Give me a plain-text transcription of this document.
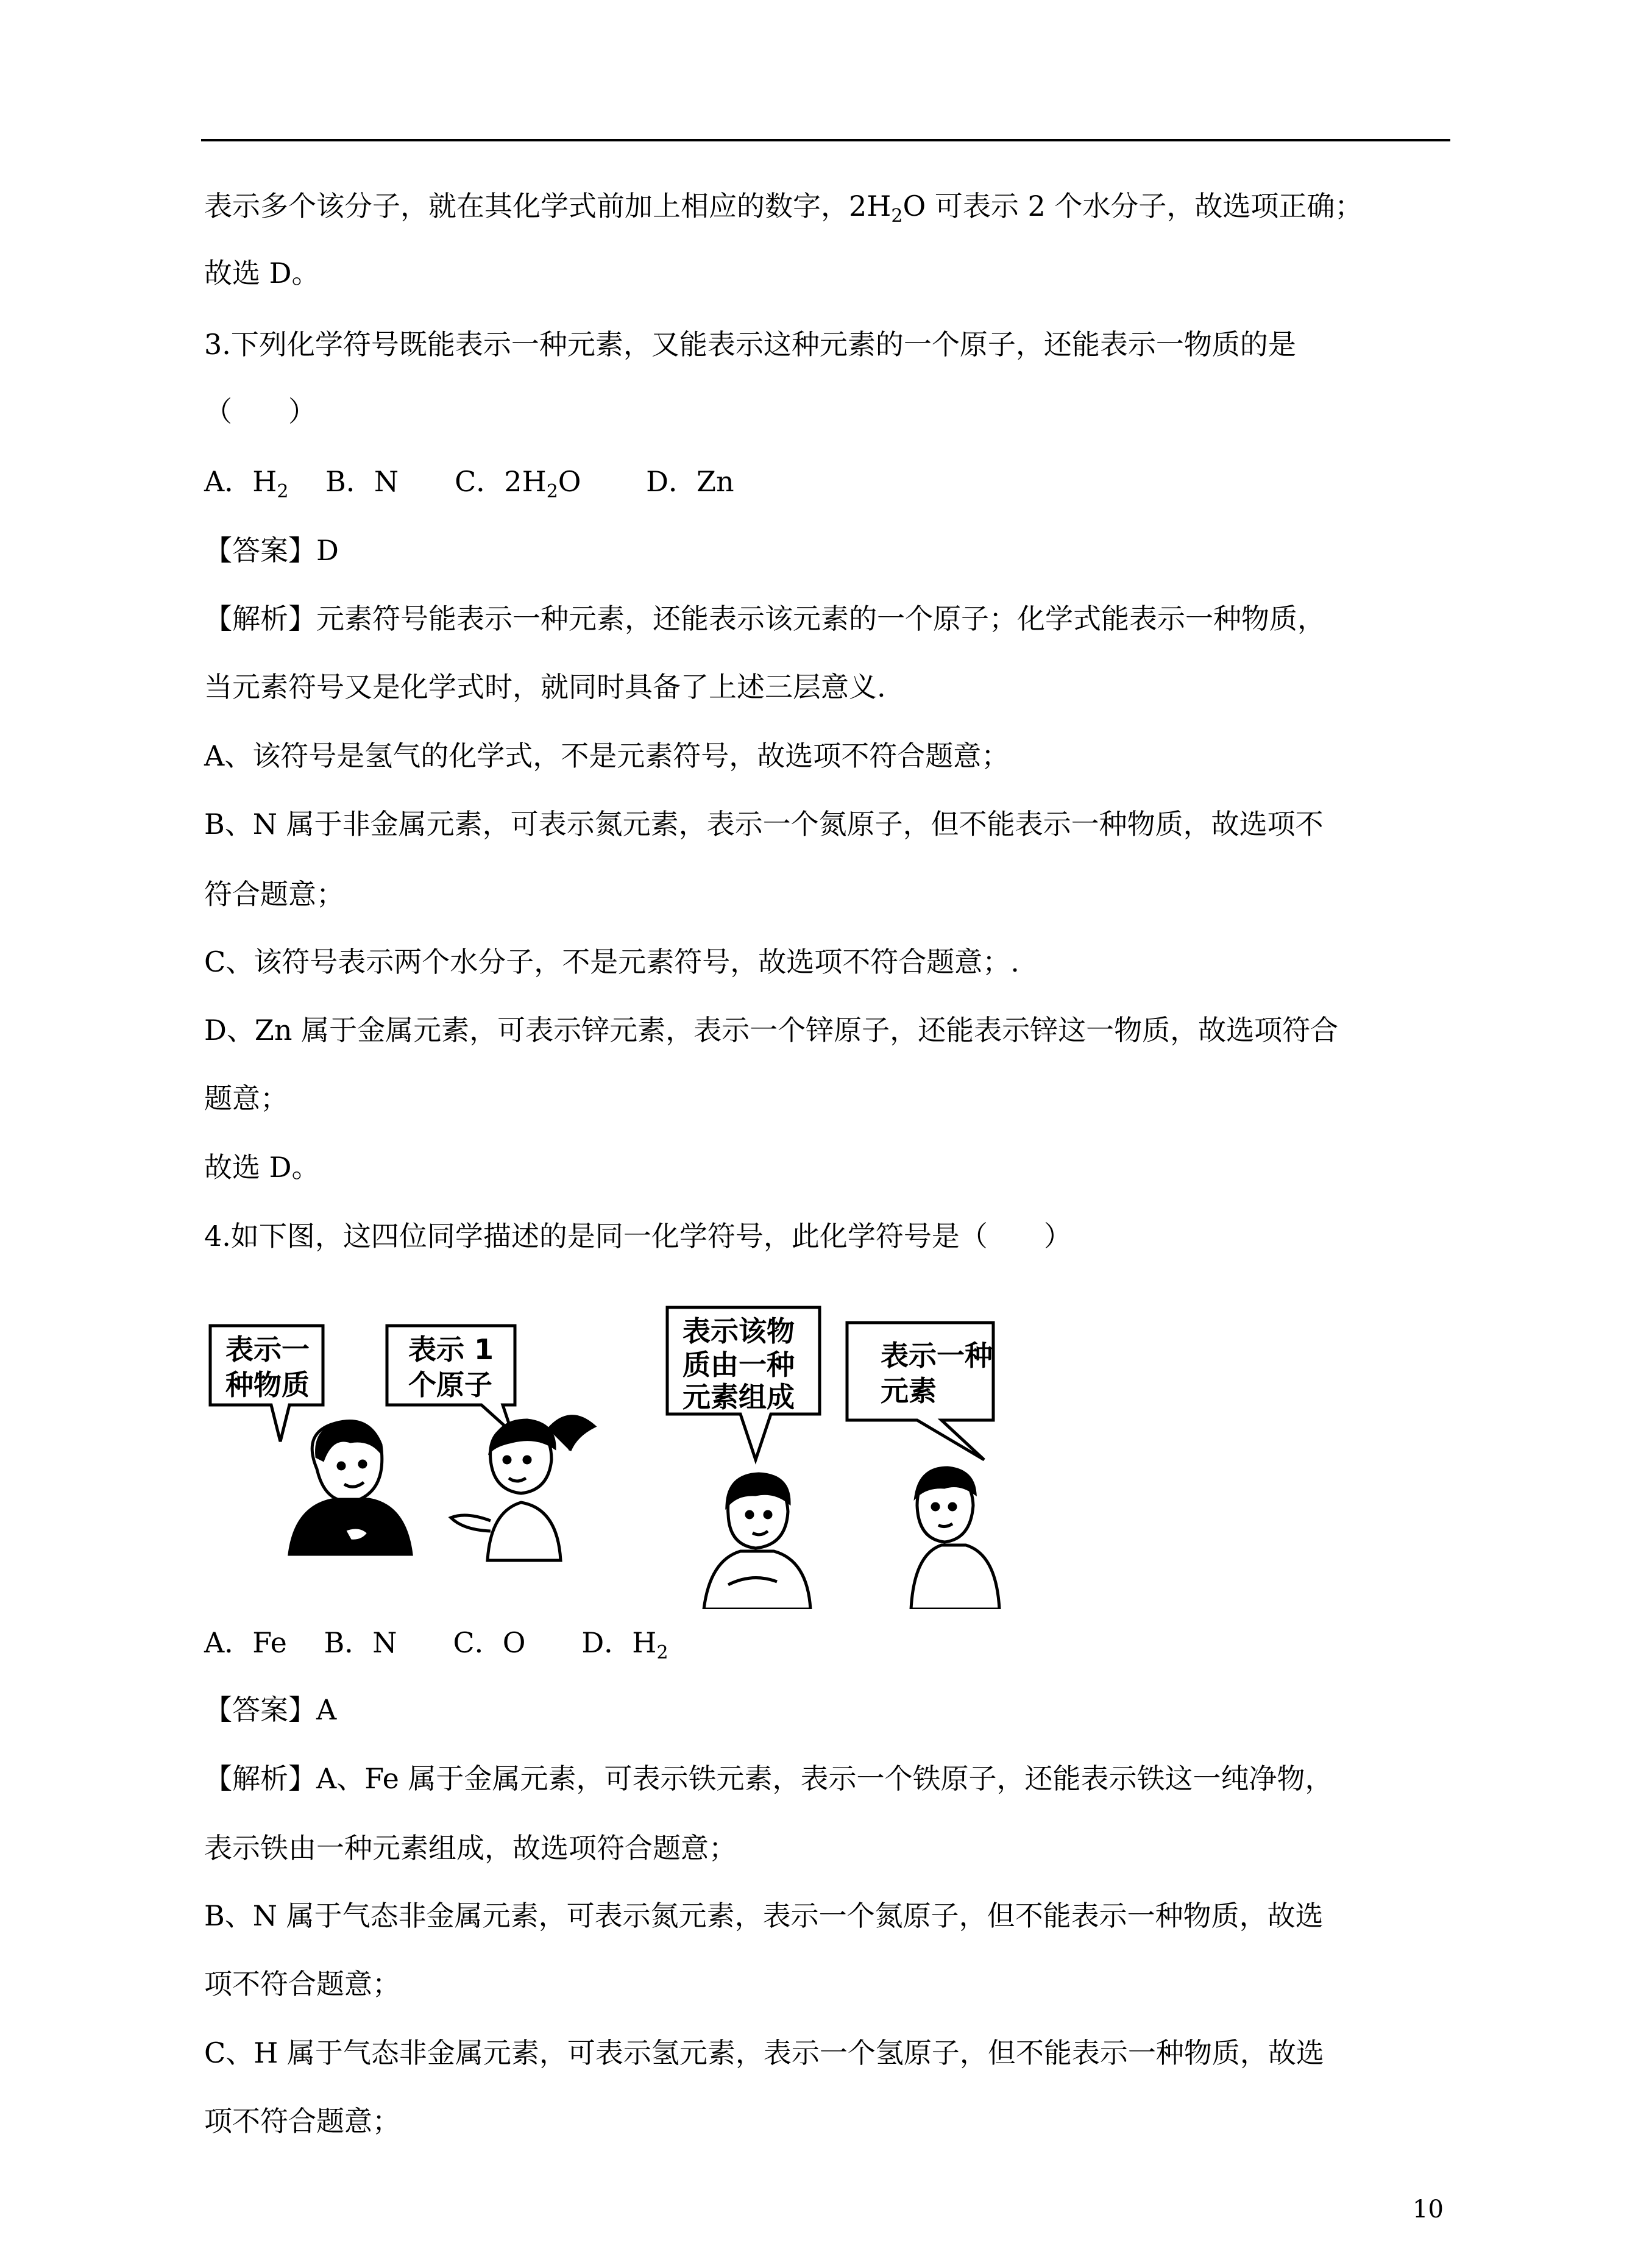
表示多个该分子，就在其化学式前加上相应的数字，$2H_2O$ 可表示 2 个水分子，故选项正确；
故选 D。
3.下列化学符号既能表示一种元素，又能表示这种元素的一个原子，还能表示一物质的是
（　　）
A．$H_2$　 B．N　　C．$2H_2O$　　 D．Zn
【答案】D
【解析】元素符号能表示一种元素，还能表示该元素的一个原子；化学式能表示一种物质，
当元素符号又是化学式时，就同时具备了上述三层意义.
A、该符号是氢气的化学式，不是元素符号，故选项不符合题意；
B、N 属于非金属元素，可表示氮元素，表示一个氮原子，但不能表示一种物质，故选项不
符合题意；
C、该符号表示两个水分子，不是元素符号，故选项不符合题意；.
D、Zn 属于金属元素，可表示锌元素，表示一个锌原子，还能表示锌这一物质，故选项符合
题意；
故选 D。
4.如下图，这四位同学描述的是同一化学符号，此化学符号是（　　）
表示一
种物质
表示 1
个原子
表示该物
质由一种
元素组成
表示一种
元素
A．Fe　 B．N　　C．O　　D．$H_2$
【答案】A
【解析】A、Fe 属于金属元素，可表示铁元素，表示一个铁原子，还能表示铁这一纯净物，
表示铁由一种元素组成，故选项符合题意；
B、N 属于气态非金属元素，可表示氮元素，表示一个氮原子，但不能表示一种物质，故选
项不符合题意；
C、H 属于气态非金属元素，可表示氢元素，表示一个氢原子，但不能表示一种物质，故选
项不符合题意；
10
